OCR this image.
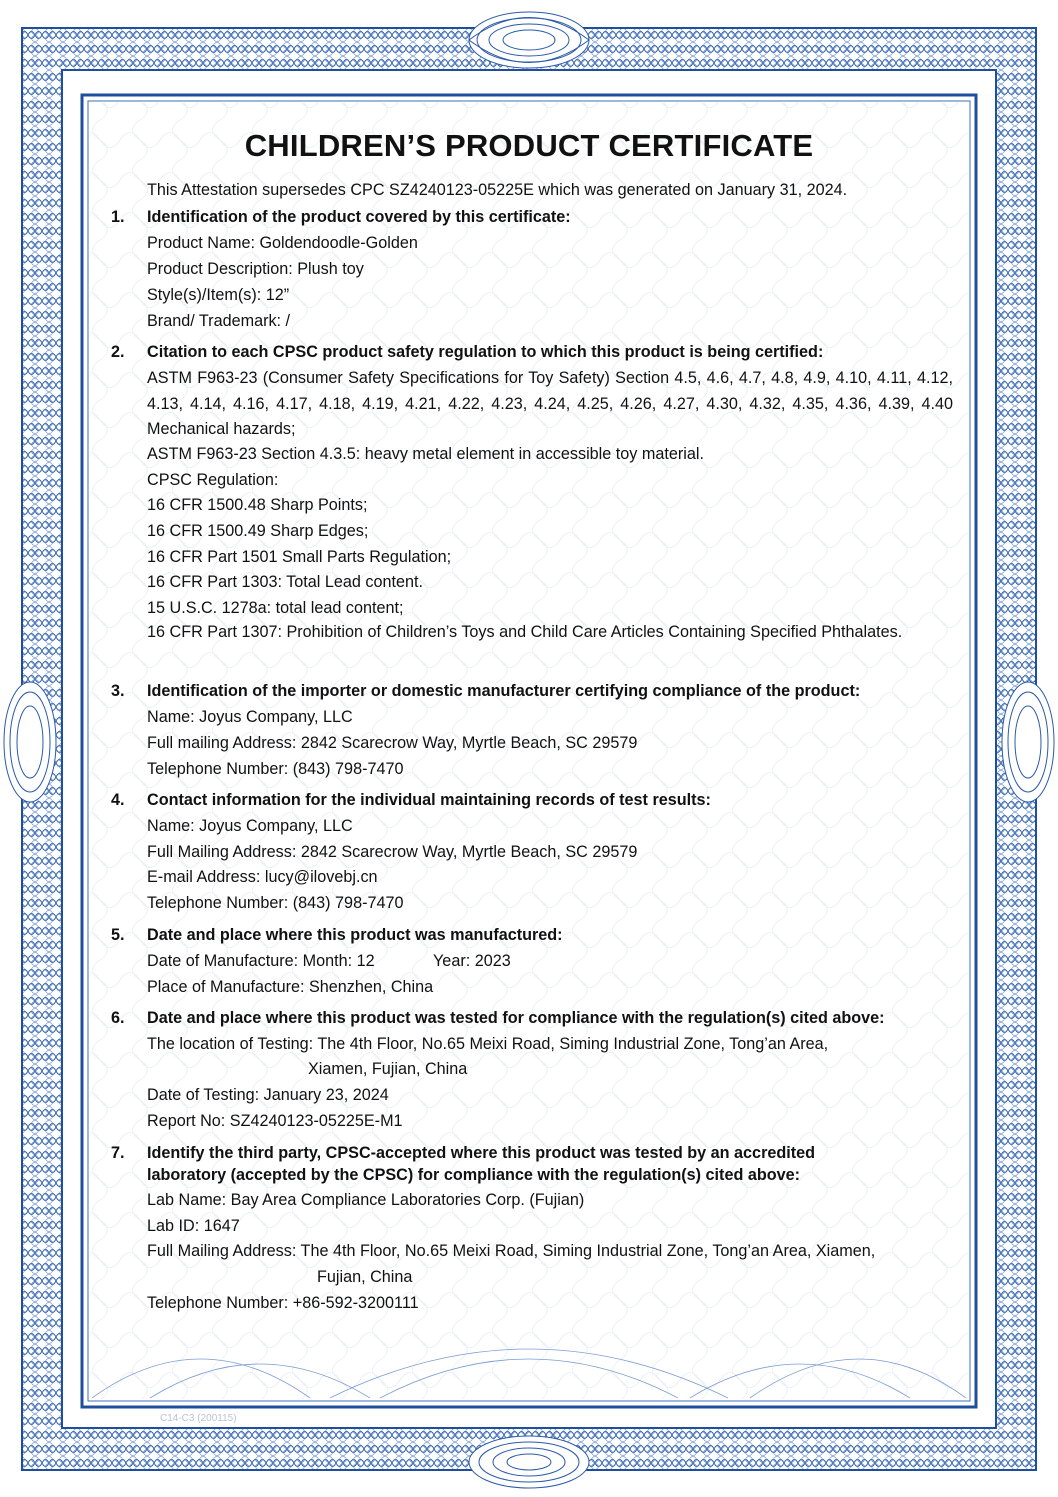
CHILDREN’S PRODUCT CERTIFICATE
This Attestation supersedes CPC SZ4240123-05225E which was generated on January 31, 2024.
1. Identification of the product covered by this certificate:
Product Name: Goldendoodle-Golden
Product Description: Plush toy
Style(s)/Item(s): 12”
Brand/ Trademark: /
2. Citation to each CPSC product safety regulation to which this product is being certified:
ASTM F963-23 (Consumer Safety Specifications for Toy Safety) Section 4.5, 4.6, 4.7, 4.8, 4.9, 4.10, 4.11, 4.12, 4.13, 4.14, 4.16, 4.17, 4.18, 4.19, 4.21, 4.22, 4.23, 4.24, 4.25, 4.26, 4.27, 4.30, 4.32, 4.35, 4.36, 4.39, 4.40 Mechanical hazards;
ASTM F963-23 Section 4.3.5: heavy metal element in accessible toy material.
CPSC Regulation:
16 CFR 1500.48 Sharp Points;
16 CFR 1500.49 Sharp Edges;
16 CFR Part 1501 Small Parts Regulation;
16 CFR Part 1303: Total Lead content.
15 U.S.C. 1278a: total lead content;
16 CFR Part 1307: Prohibition of Children’s Toys and Child Care Articles Containing Specified Phthalates.
3. Identification of the importer or domestic manufacturer certifying compliance of the product:
Name: Joyus Company, LLC
Full mailing Address: 2842 Scarecrow Way, Myrtle Beach, SC 29579
Telephone Number: (843) 798-7470
4. Contact information for the individual maintaining records of test results:
Name: Joyus Company, LLC
Full Mailing Address: 2842 Scarecrow Way, Myrtle Beach, SC 29579
E-mail Address: lucy@ilovebj.cn
Telephone Number: (843) 798-7470
5. Date and place where this product was manufactured:
Date of Manufacture: Month: 12	Year: 2023
Place of Manufacture: Shenzhen, China
6. Date and place where this product was tested for compliance with the regulation(s) cited above:
The location of Testing: The 4th Floor, No.65 Meixi Road, Siming Industrial Zone, Tong’an Area,
Xiamen, Fujian, China
Date of Testing: January 23, 2024
Report No: SZ4240123-05225E-M1
7. Identify the third party, CPSC-accepted where this product was tested by an accredited
laboratory (accepted by the CPSC) for compliance with the regulation(s) cited above:
Lab Name: Bay Area Compliance Laboratories Corp. (Fujian)
Lab ID: 1647
Full Mailing Address: The 4th Floor, No.65 Meixi Road, Siming Industrial Zone, Tong’an Area, Xiamen,
Fujian, China
Telephone Number: +86-592-3200111
C14-C3 (200115)
